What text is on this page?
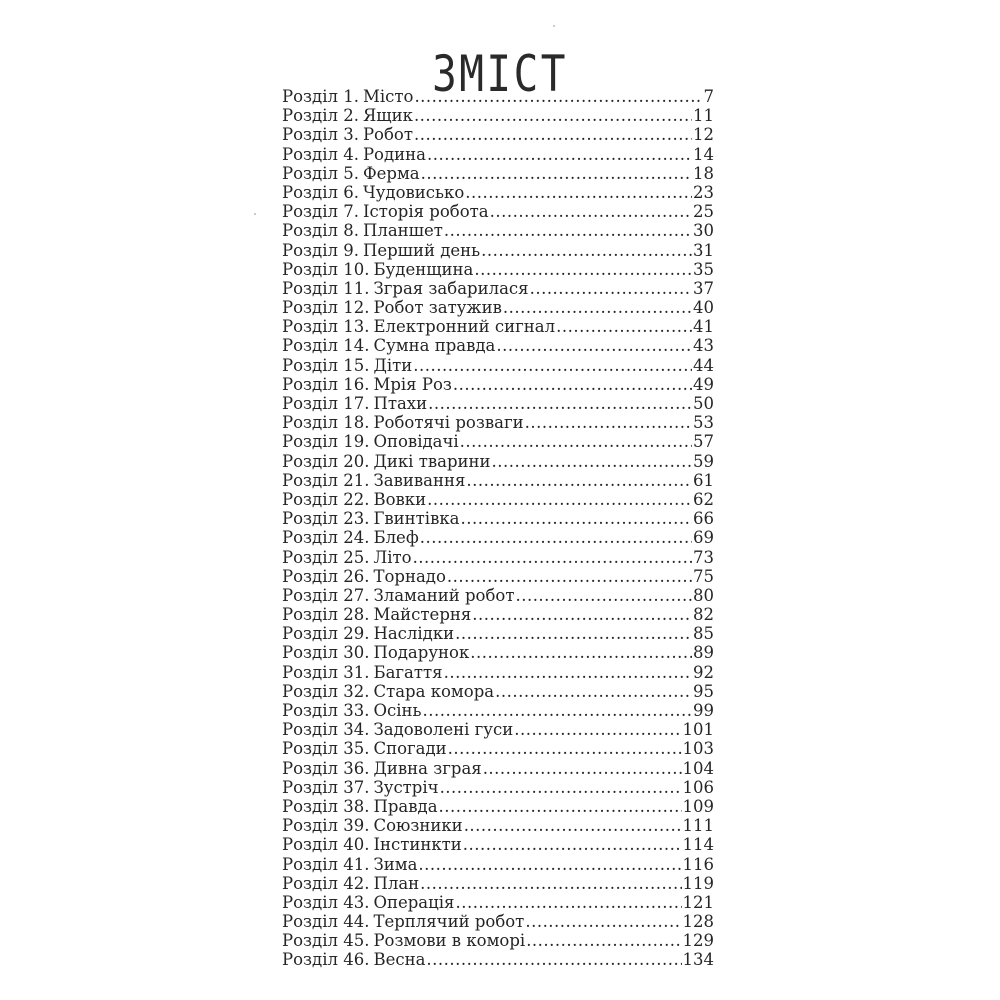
ЗМІСТ
Розділ 1. Місто .....	7
Розділ 2. Ящик .....	11
Розділ 3. Робот .....	12
Розділ 4. Родина .....	14
Розділ 5. Ферма .....	18
Розділ 6. Чудовисько .....	23
Розділ 7. Історія робота .....	25
Розділ 8. Планшет .....	30
Розділ 9. Перший день .....	31
Розділ 10. Буденщина .....	35
Розділ 11. Зграя забарилася .....	37
Розділ 12. Робот затужив .....	40
Розділ 13. Електронний сигнал .....	41
Розділ 14. Сумна правда .....	43
Розділ 15. Діти .....	44
Розділ 16. Мрія Роз .....	49
Розділ 17. Птахи .....	50
Розділ 18. Роботячі розваги .....	53
Розділ 19. Оповідачі .....	57
Розділ 20. Дикі тварини .....	59
Розділ 21. Завивання .....	61
Розділ 22. Вовки .....	62
Розділ 23. Гвинтівка .....	66
Розділ 24. Блеф .....	69
Розділ 25. Літо .....	73
Розділ 26. Торнадо .....	75
Розділ 27. Зламаний робот .....	80
Розділ 28. Майстерня .....	82
Розділ 29. Наслідки .....	85
Розділ 30. Подарунок .....	89
Розділ 31. Багаття .....	92
Розділ 32. Стара комора .....	95
Розділ 33. Осінь .....	99
Розділ 34. Задоволені гуси .....	101
Розділ 35. Спогади .....	103
Розділ 36. Дивна зграя .....	104
Розділ 37. Зустріч .....	106
Розділ 38. Правда .....	109
Розділ 39. Союзники .....	111
Розділ 40. Інстинкти .....	114
Розділ 41. Зима .....	116
Розділ 42. План .....	119
Розділ 43. Операція .....	121
Розділ 44. Терплячий робот .....	128
Розділ 45. Розмови в коморі .....	129
Розділ 46. Весна .....	134
